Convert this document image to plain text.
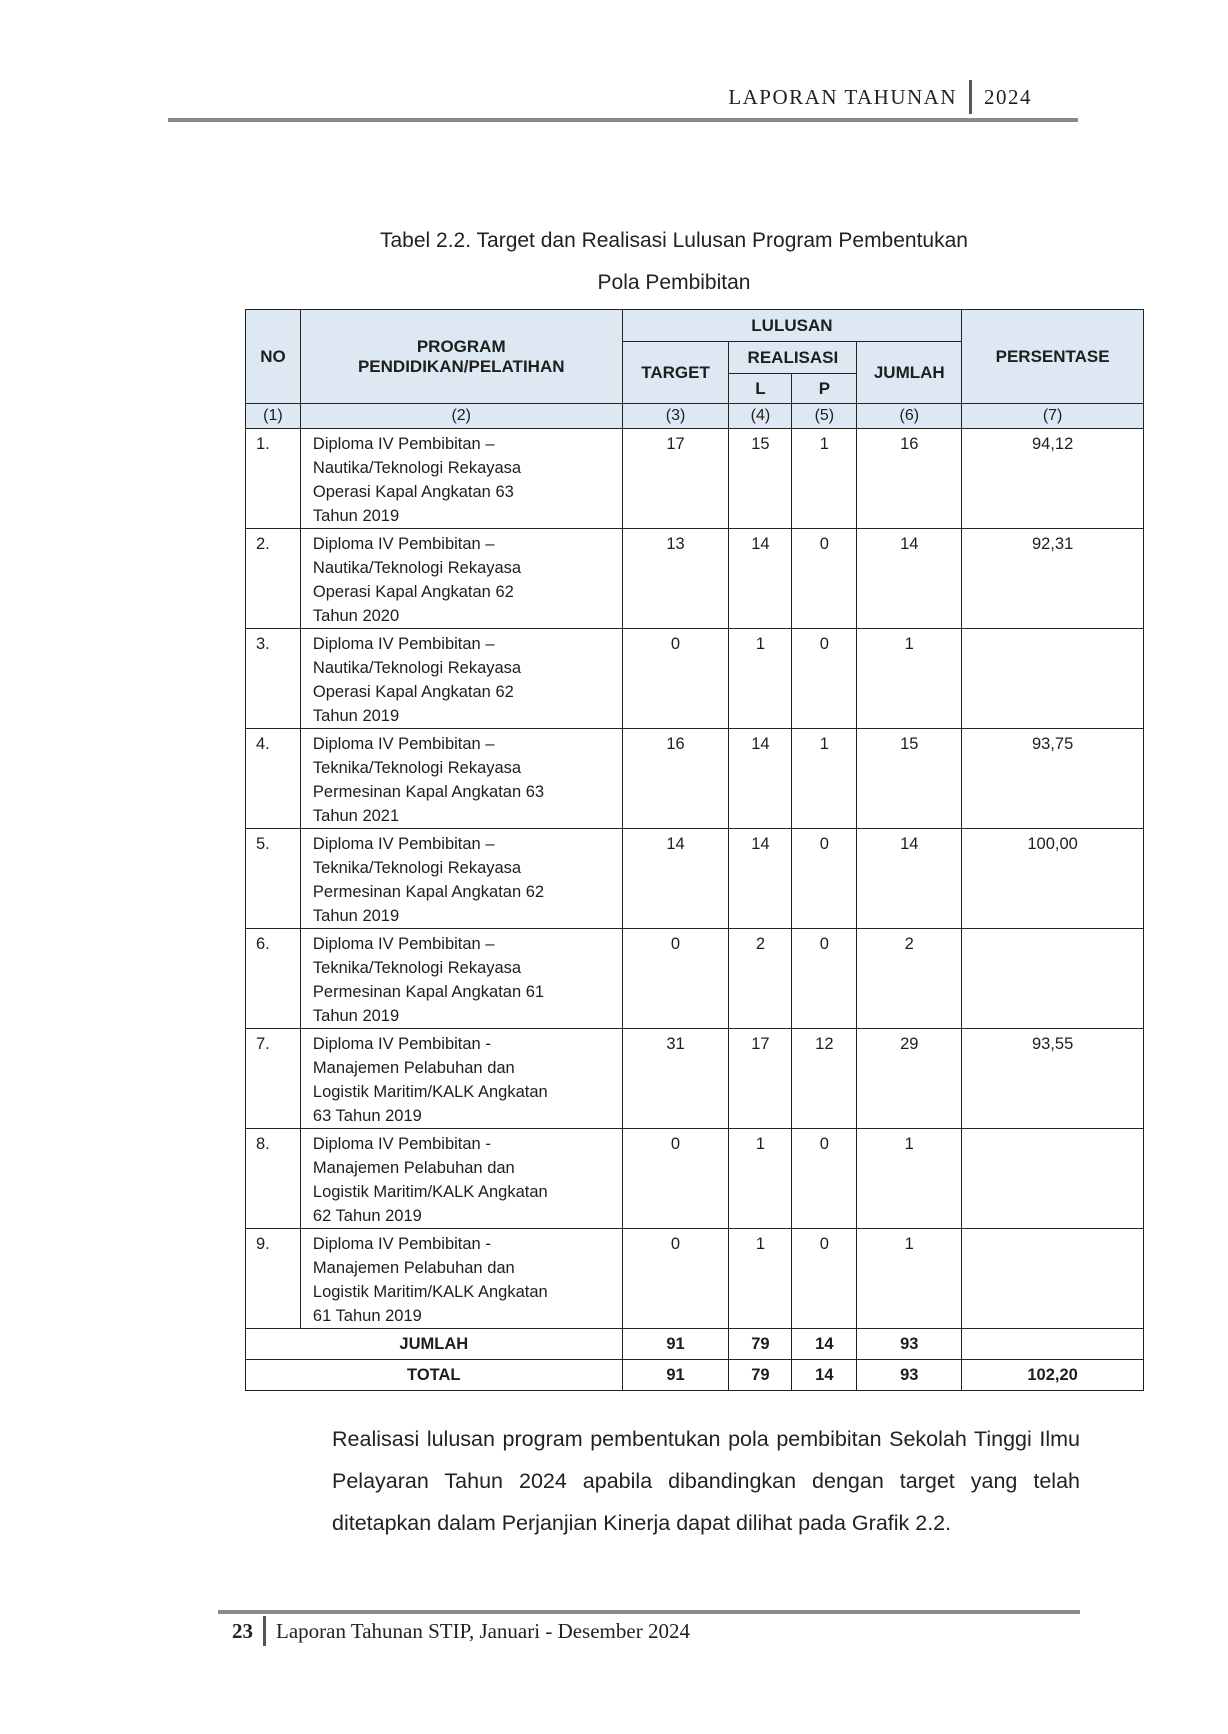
LAPORAN TAHUNAN 2024
Tabel 2.2. Target dan Realisasi Lulusan Program Pembentukan
Pola Pembibitan
NO	PROGRAM PENDIDIKAN/PELATIHAN	LULUSAN				PERSENTASE
		TARGET	REALISASI		JUMLAH	
			L	P		
(1)	(2)	(3)	(4)	(5)	(6)	(7)
1.	Diploma IV Pembibitan –
Nautika/Teknologi Rekayasa
Operasi Kapal Angkatan 63
Tahun 2019	17	15	1	16	94,12
2.	Diploma IV Pembibitan –
Nautika/Teknologi Rekayasa
Operasi Kapal Angkatan 62
Tahun 2020	13	14	0	14	92,31
3.	Diploma IV Pembibitan –
Nautika/Teknologi Rekayasa
Operasi Kapal Angkatan 62
Tahun 2019	0	1	0	1	
4.	Diploma IV Pembibitan –
Teknika/Teknologi Rekayasa
Permesinan Kapal Angkatan 63
Tahun 2021	16	14	1	15	93,75
5.	Diploma IV Pembibitan –
Teknika/Teknologi Rekayasa
Permesinan Kapal Angkatan 62
Tahun 2019	14	14	0	14	100,00
6.	Diploma IV Pembibitan –
Teknika/Teknologi Rekayasa
Permesinan Kapal Angkatan 61
Tahun 2019	0	2	0	2	
7.	Diploma IV Pembibitan -
Manajemen Pelabuhan dan
Logistik Maritim/KALK Angkatan
63 Tahun 2019	31	17	12	29	93,55
8.	Diploma IV Pembibitan -
Manajemen Pelabuhan dan
Logistik Maritim/KALK Angkatan
62 Tahun 2019	0	1	0	1	
9.	Diploma IV Pembibitan -
Manajemen Pelabuhan dan
Logistik Maritim/KALK Angkatan
61 Tahun 2019	0	1	0	1	
JUMLAH		91	79	14	93	
TOTAL		91	79	14	93	102,20
Realisasi lulusan program pembentukan pola pembibitan Sekolah Tinggi Ilmu Pelayaran Tahun 2024 apabila dibandingkan dengan target yang telah ditetapkan dalam Perjanjian Kinerja dapat dilihat pada Grafik 2.2.
23 Laporan Tahunan STIP, Januari - Desember 2024
